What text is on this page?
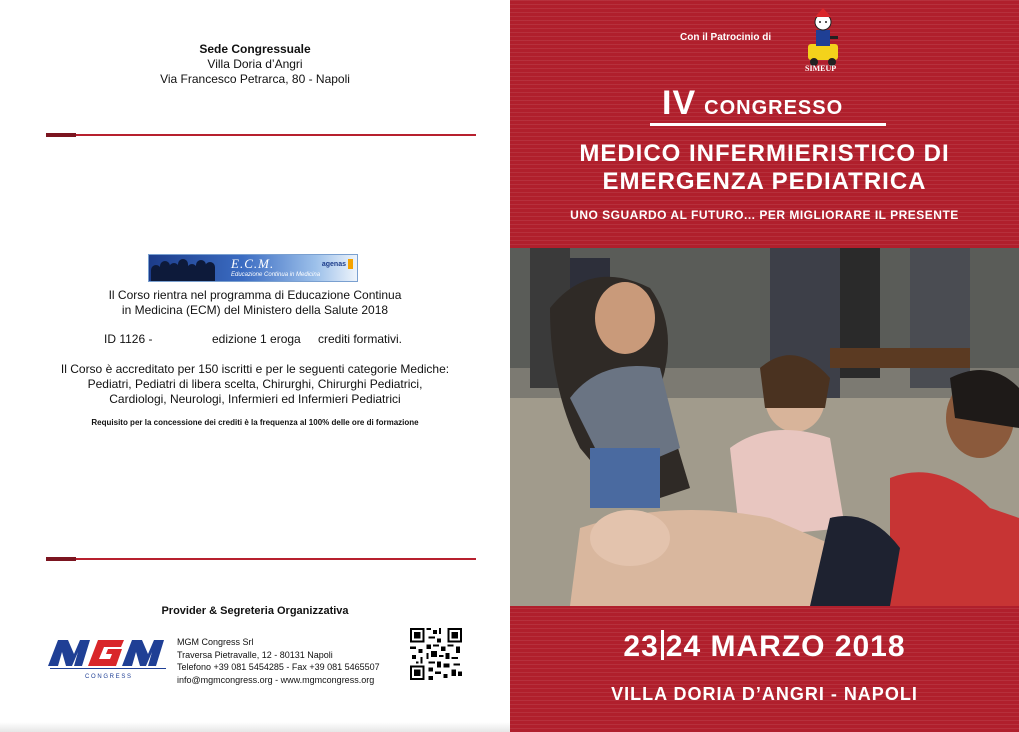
Sede Congressuale
Villa Doria d’Angri
Via Francesco Petrarca, 80 - Napoli
E.C.M.
Educazione Continua in Medicina
agenas
Il Corso rientra nel programma di Educazione Continua
in Medicina (ECM) del Ministero della Salute 2018
ID 1126 -	edizione 1 eroga crediti formativi.
Il Corso è accreditato per 150 iscritti e per le seguenti categorie Mediche:
Pediatri, Pediatri di libera scelta, Chirurghi, Chirurghi Pediatrici,
Cardiologi, Neurologi, Infermieri ed Infermieri Pediatrici
Requisito per la concessione dei crediti è la frequenza al 100% delle ore di formazione
Provider & Segreteria Organizzativa
C O N G R E S S
MGM Congress Srl
Traversa Pietravalle, 12 - 80131 Napoli
Telefono +39 081 5454285 - Fax +39 081 5465507
info@mgmcongress.org - www.mgmcongress.org
Con il Patrocinio di
SIMEUP
IV CONGRESSO
MEDICO INFERMIERISTICO DI
EMERGENZA PEDIATRICA
UNO SGUARDO AL FUTURO... PER MIGLIORARE IL PRESENTE
23 24 MARZO 2018
VILLA DORIA D’ANGRI - NAPOLI
